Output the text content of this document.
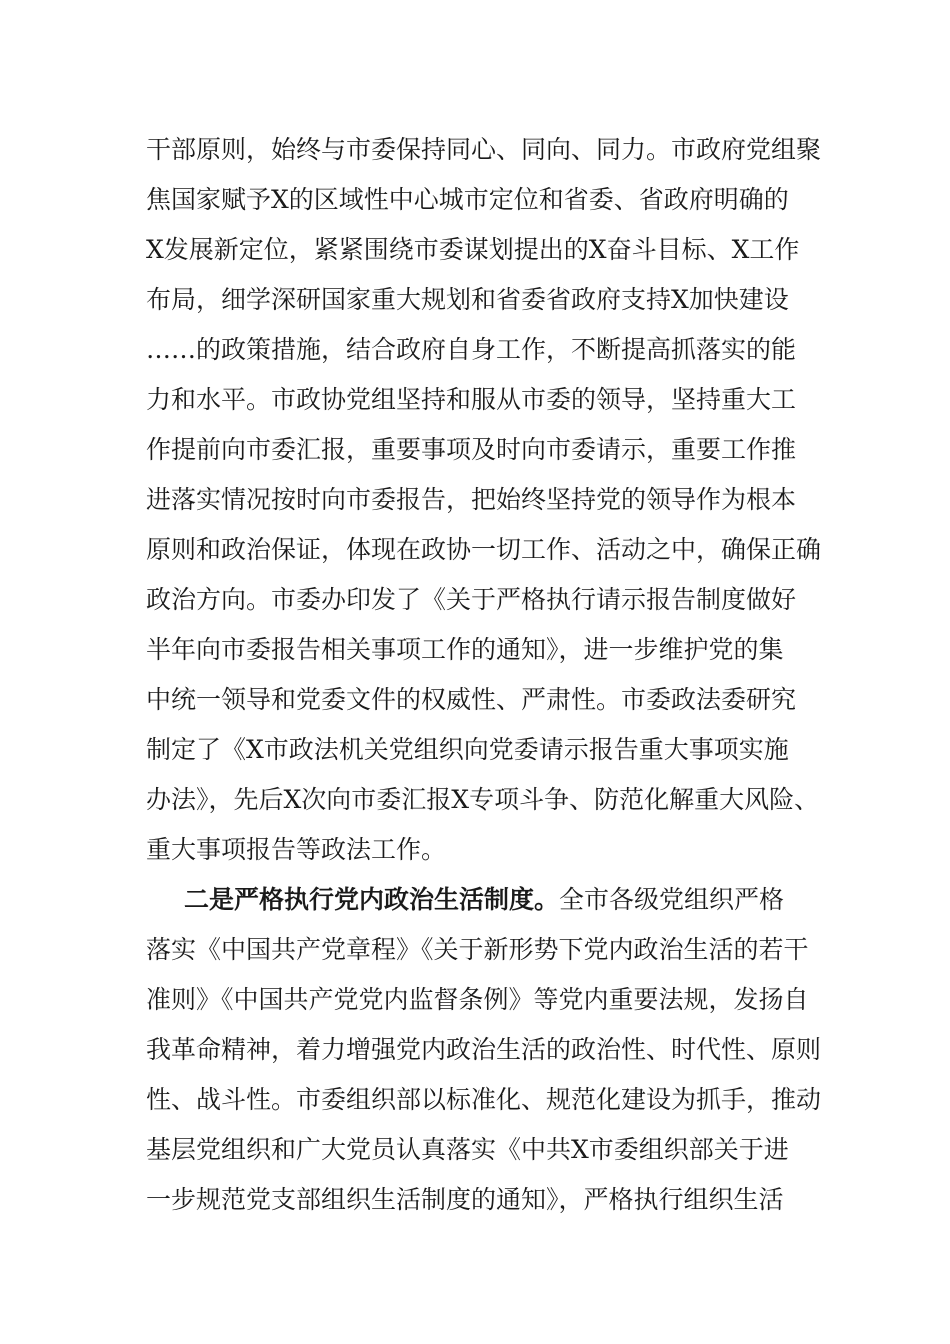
干部原则，始终与市委保持同心、同向、同力。市政府党组聚
焦国家赋予X的区域性中心城市定位和省委、省政府明确的
X发展新定位，紧紧围绕市委谋划提出的X奋斗目标、X工作
布局，细学深研国家重大规划和省委省政府支持X加快建设
……的政策措施，结合政府自身工作，不断提高抓落实的能
力和水平。市政协党组坚持和服从市委的领导，坚持重大工
作提前向市委汇报，重要事项及时向市委请示，重要工作推
进落实情况按时向市委报告，把始终坚持党的领导作为根本
原则和政治保证，体现在政协一切工作、活动之中，确保正确
政治方向。市委办印发了《关于严格执行请示报告制度做好
半年向市委报告相关事项工作的通知》，进一步维护党的集
中统一领导和党委文件的权威性、严肃性。市委政法委研究
制定了《X市政法机关党组织向党委请示报告重大事项实施
办法》，先后X次向市委汇报X专项斗争、防范化解重大风险、
重大事项报告等政法工作。
二是严格执行党内政治生活制度。全市各级党组织严格
落实《中国共产党章程》《关于新形势下党内政治生活的若干
准则》《中国共产党党内监督条例》等党内重要法规，发扬自
我革命精神，着力增强党内政治生活的政治性、时代性、原则
性、战斗性。市委组织部以标准化、规范化建设为抓手，推动
基层党组织和广大党员认真落实《中共X市委组织部关于进
一步规范党支部组织生活制度的通知》，严格执行组织生活
